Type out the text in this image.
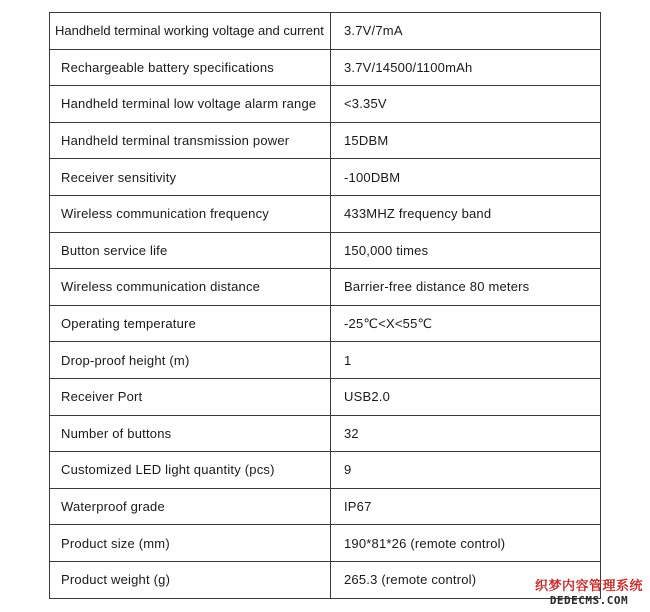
Handheld terminal working voltage and current	3.7V/7mA
Rechargeable battery specifications	3.7V/14500/1100mAh
Handheld terminal low voltage alarm range	<3.35V
Handheld terminal transmission power	15DBM
Receiver sensitivity	-100DBM
Wireless communication frequency	433MHZ frequency band
Button service life	150,000 times
Wireless communication distance	Barrier-free distance 80 meters
Operating temperature	-25℃<X<55℃
Drop-proof height (m)	1
Receiver Port	USB2.0
Number of buttons	32
Customized LED light quantity (pcs)	9
Waterproof grade	IP67
Product size (mm)	190*81*26 (remote control)
Product weight (g)	265.3 (remote control)	织梦内容管理系统
DEDECMS.COM
